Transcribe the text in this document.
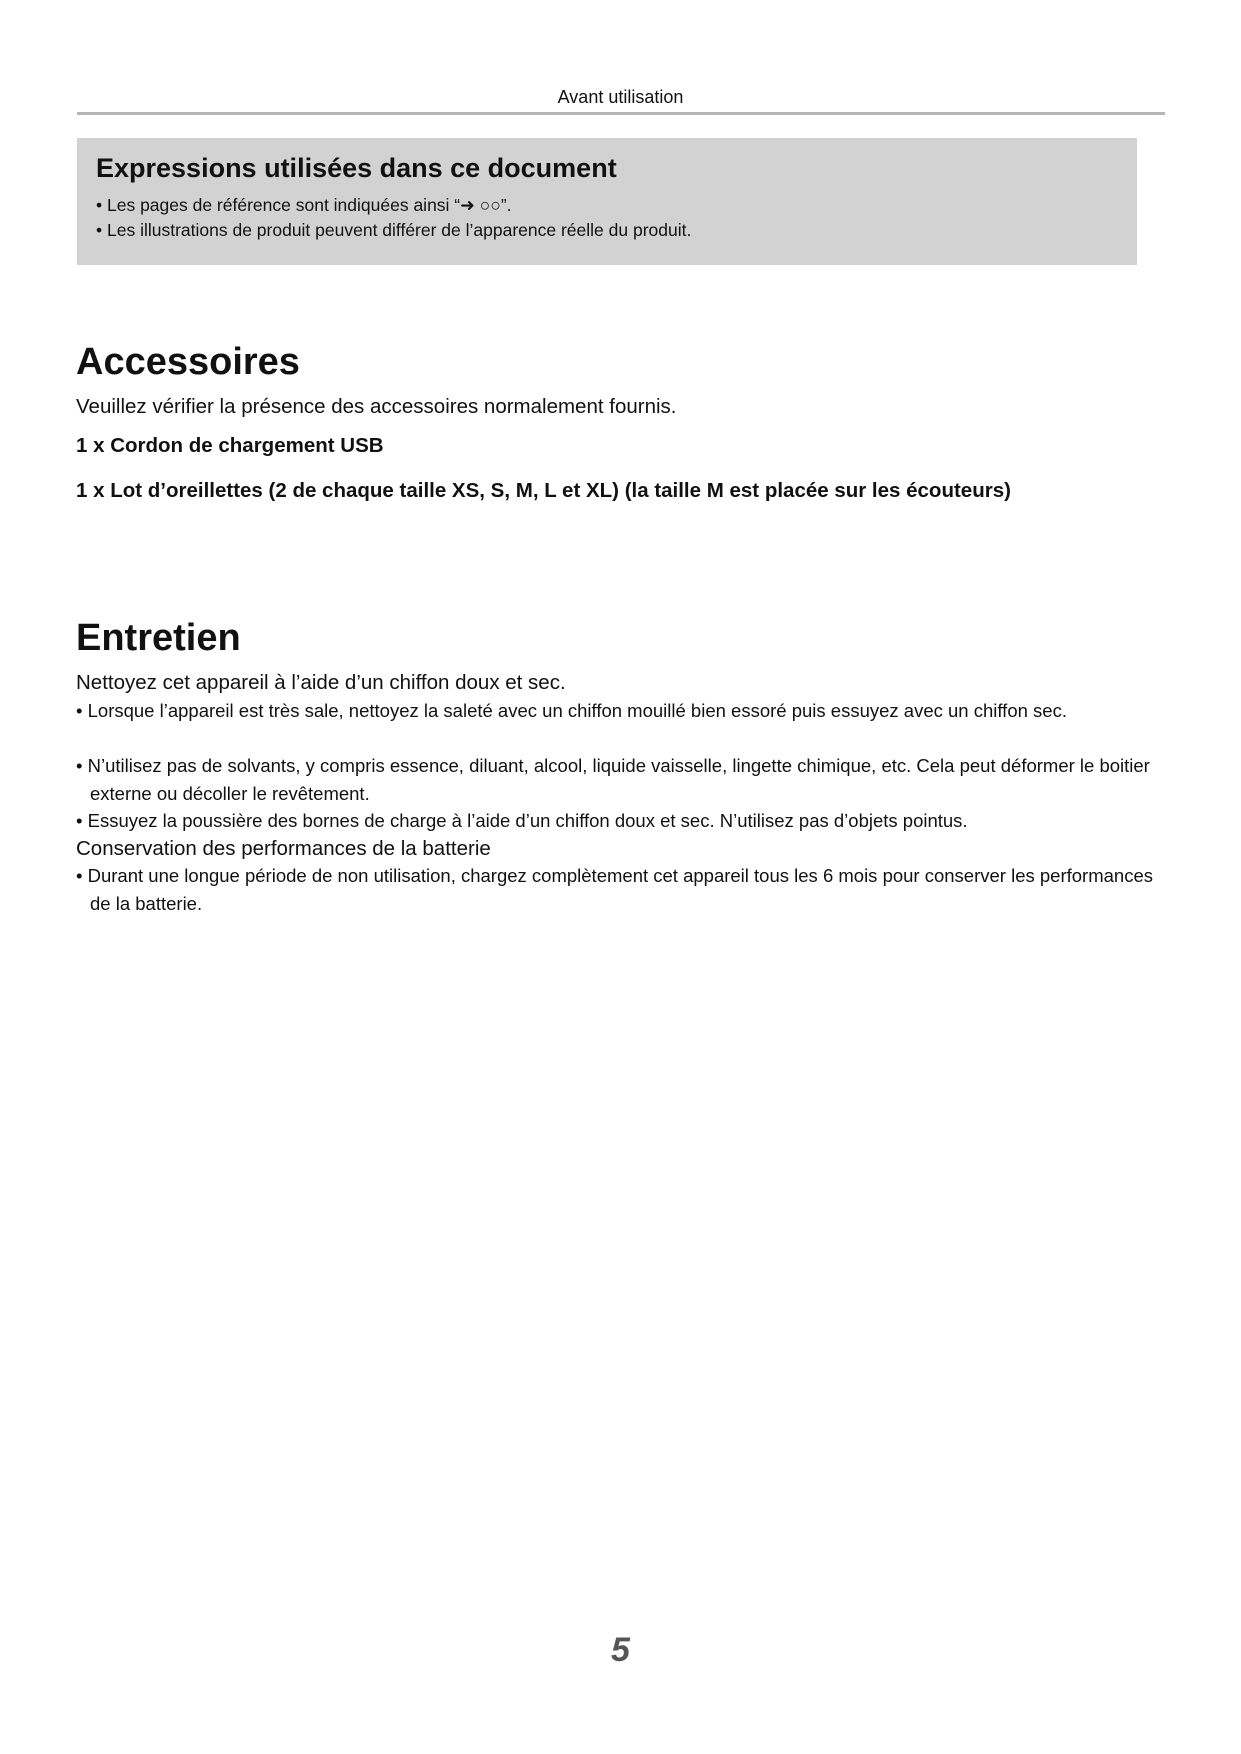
Avant utilisation
Expressions utilisées dans ce document
• Les pages de référence sont indiquées ainsi “➜ ○○”.
• Les illustrations de produit peuvent différer de l’apparence réelle du produit.
Accessoires
Veuillez vérifier la présence des accessoires normalement fournis.
1 x Cordon de chargement USB
1 x Lot d’oreillettes (2 de chaque taille XS, S, M, L et XL) (la taille M est placée sur les écouteurs)
Entretien
Nettoyez cet appareil à l’aide d’un chiffon doux et sec.
• Lorsque l’appareil est très sale, nettoyez la saleté avec un chiffon mouillé bien essoré puis essuyez avec un chiffon sec.
• N’utilisez pas de solvants, y compris essence, diluant, alcool, liquide vaisselle, lingette chimique, etc. Cela peut déformer le boitier externe ou décoller le revêtement.
• Essuyez la poussière des bornes de charge à l’aide d’un chiffon doux et sec. N’utilisez pas d’objets pointus.
Conservation des performances de la batterie
• Durant une longue période de non utilisation, chargez complètement cet appareil tous les 6 mois pour conserver les performances de la batterie.
5
